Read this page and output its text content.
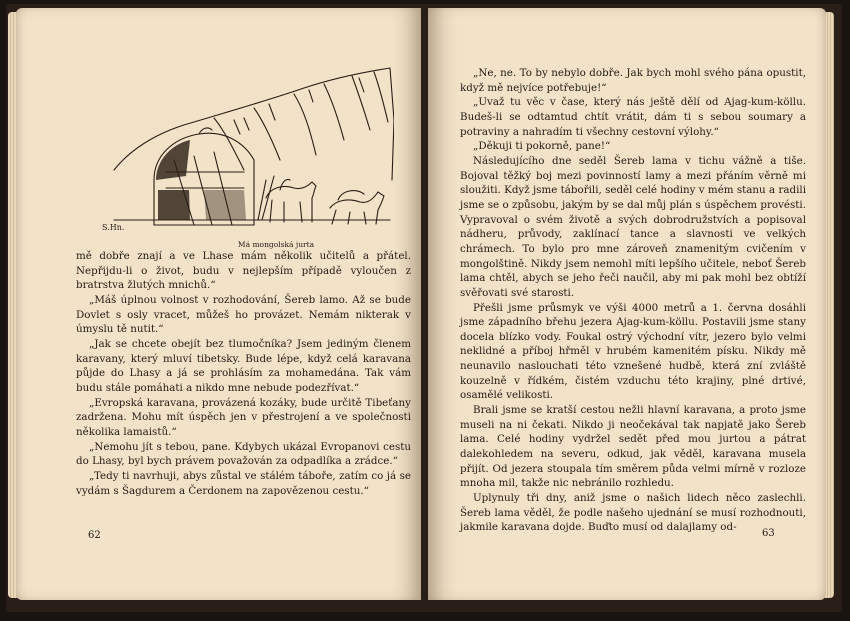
S.Hn.
Má mongolská jurta

mě dobře znají a ve Lhase mám několik učitelů a přátel. Nepřijdu-li o život, budu v nejlepším případě vyloučen z bratrstva žlutých mnichů.“

„Máš úplnou volnost v rozhodování, Šereb lamo. Až se bude Dovlet s osly vracet, můžeš ho provázet. Nemám nikterak v úmyslu tě nutit.“

„Jak se chcete obejít bez tlumočníka? Jsem jediným členem karavany, který mluví tibetsky. Bude lépe, když celá karavana půjde do Lhasy a já se prohlásím za mohamedána. Tak vám budu stále pomáhati a nikdo mne nebude podezřívat.“

„Evropská karavana, provázená kozáky, bude určitě Tibeťany zadržena. Mohu mít úspěch jen v přestrojení a ve společnosti několika lamaistů.“

„Nemohu jít s tebou, pane. Kdybych ukázal Evropanovi cestu do Lhasy, byl bych právem považován za odpadlíka a zrádce.“

„Tedy ti navrhuji, abys zůstal ve stálém táboře, zatím co já se vydám s Šagdurem a Čerdonem na zapovězenou cestu.“

62

„Ne, ne. To by nebylo dobře. Jak bych mohl svého pána opustit, když mě nejvíce potřebuje!“

„Uvaž tu věc v čase, který nás ještě dělí od Ajag-kum-köllu. Budeš-li se odtamtud chtít vrátit, dám ti s sebou soumary a potraviny a nahradím ti všechny cestovní výlohy.“

„Děkuji ti pokorně, pane!“

Následujícího dne seděl Šereb lama v tichu vážně a tiše. Bojoval těžký boj mezi povinností lamy a mezi přáním věrně mi sloužiti. Když jsme tábořili, seděl celé hodiny v mém stanu a radili jsme se o způsobu, jakým by se dal můj plán s úspěchem provésti. Vypravoval o svém životě a svých dobrodružstvích a popisoval nádheru, průvody, zaklínací tance a slavnosti ve velkých chrámech. To bylo pro mne zároveň znamenitým cvičením v mongolštině. Nikdy jsem nemohl míti lepšího učitele, neboť Šereb lama chtěl, abych se jeho řeči naučil, aby mi pak mohl bez obtíží svěřovati své starosti.

Přešli jsme průsmyk ve výši 4000 metrů a 1. června dosáhli jsme západního břehu jezera Ajag-kum-köllu. Postavili jsme stany docela blízko vody. Foukal ostrý východní vítr, jezero bylo velmi neklidné a příboj hřměl v hrubém kamenitém písku. Nikdy mě neunavilo naslouchati této vznešené hudbě, která zní zvláště kouzelně v řídkém, čistém vzduchu této krajiny, plné drtivé, osamělé velikosti.

Brali jsme se kratší cestou nežli hlavní karavana, a proto jsme museli na ni čekati. Nikdo ji neočekával tak napjatě jako Šereb lama. Celé hodiny vydržel sedět před mou jurtou a pátrat dalekohledem na severu, odkud, jak věděl, karavana musela přijít. Od jezera stoupala tím směrem půda velmi mírně v rozloze mnoha mil, takže nic nebránilo rozhledu.

Uplynuly tři dny, aniž jsme o našich lidech něco zaslechli. Šereb lama věděl, že podle našeho ujednání se musí rozhodnouti, jakmile karavana dojde. Buďto musí od dalajlamy od-

63
